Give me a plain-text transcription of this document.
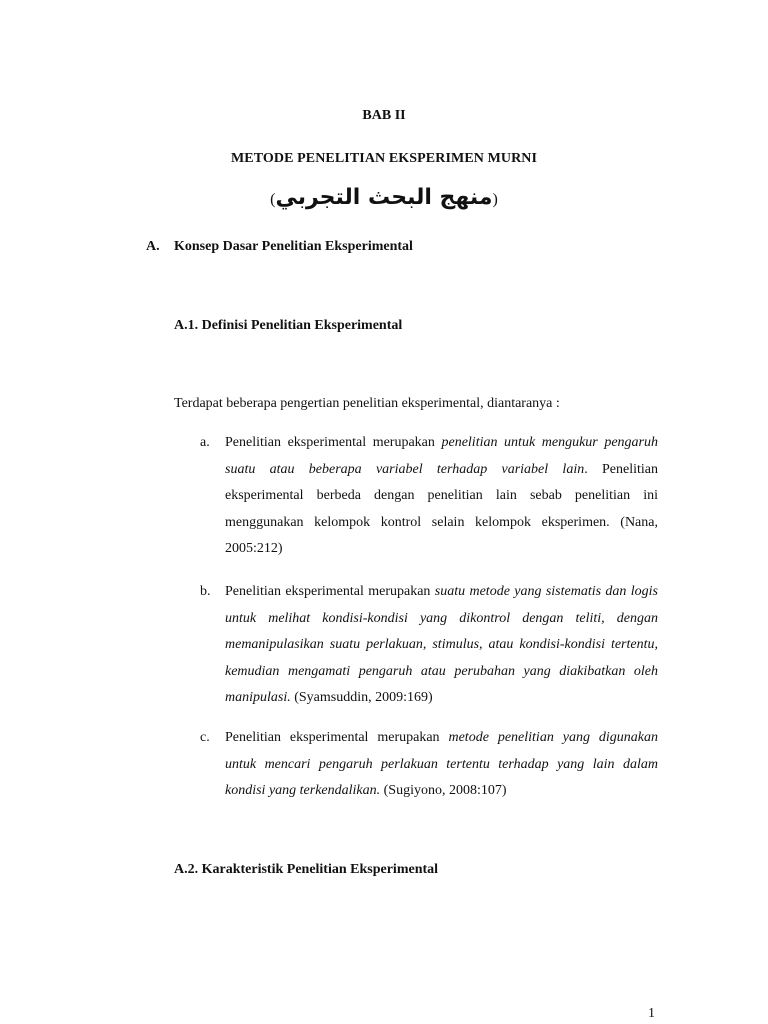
BAB II
METODE PENELITIAN EKSPERIMEN MURNI
(منهج البحث التجربي)
A. Konsep Dasar Penelitian Eksperimental
A.1. Definisi Penelitian Eksperimental
Terdapat beberapa pengertian penelitian eksperimental, diantaranya :
a.	Penelitian eksperimental merupakan penelitian untuk mengukur pengaruh suatu atau beberapa variabel terhadap variabel lain. Penelitian eksperimental berbeda dengan penelitian lain sebab penelitian ini menggunakan kelompok kontrol selain kelompok eksperimen. (Nana, 2005:212)
b.	Penelitian eksperimental merupakan suatu metode yang sistematis dan logis untuk melihat kondisi-kondisi yang dikontrol dengan teliti, dengan memanipulasikan suatu perlakuan, stimulus, atau kondisi-kondisi tertentu, kemudian mengamati pengaruh atau perubahan yang diakibatkan oleh manipulasi. (Syamsuddin, 2009:169)
c.	Penelitian eksperimental merupakan metode penelitian yang digunakan untuk mencari pengaruh perlakuan tertentu terhadap yang lain dalam kondisi yang terkendalikan. (Sugiyono, 2008:107)
A.2. Karakteristik Penelitian Eksperimental
1
